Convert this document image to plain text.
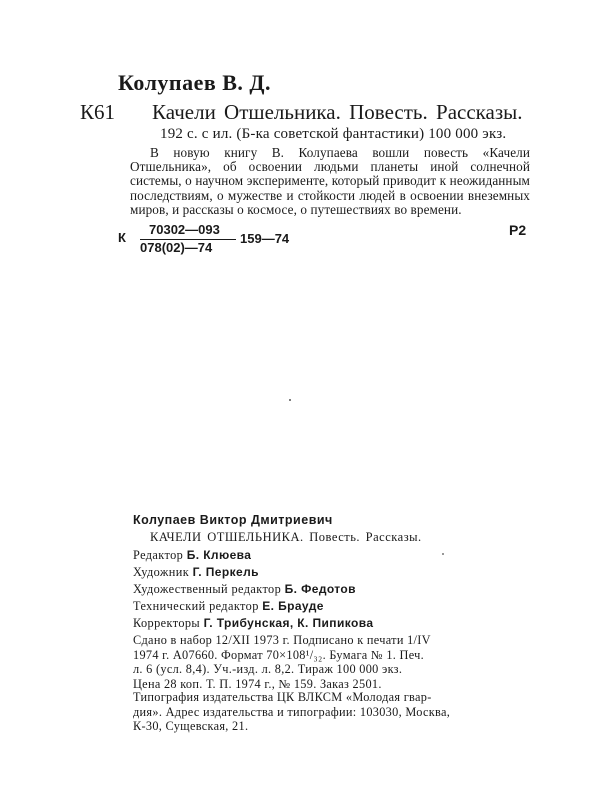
Колупаев В. Д.
К61 Качели Отшельника. Повесть. Рассказы.
192 с. с ил. (Б-ка советской фантастики) 100 000 экз.

В новую книгу В. Колупаева вошли повесть «Качели Отшельника», об освоении людьми планеты иной солнечной системы, о научном эксперименте, который приводит к неожиданным последствиям, о мужестве и стойкости людей в освоении внеземных миров, и рассказы о космосе, о путешествиях во времени.

К
70302—093
078(02)—74
159—74
Р2
Колупаев Виктор Дмитриевич
КАЧЕЛИ ОТШЕЛЬНИКА. Повесть. Рассказы.
Редактор Б. Клюева
Художник Г. Перкель
Художественный редактор Б. Федотов
Технический редактор Е. Брауде
Корректоры Г. Трибунская, К. Пипикова
Сдано в набор 12/XII 1973 г. Подписано к печати 1/IV
1974 г. А07660. Формат 70×108¹/₃₂. Бумага № 1. Печ.
л. 6 (усл. 8,4). Уч.-изд. л. 8,2. Тираж 100 000 экз.
Цена 28 коп. Т. П. 1974 г., № 159. Заказ 2501.
Типография издательства ЦК ВЛКСМ «Молодая гвар-
дия». Адрес издательства и типографии: 103030, Москва,
К-30, Сущевская, 21.
